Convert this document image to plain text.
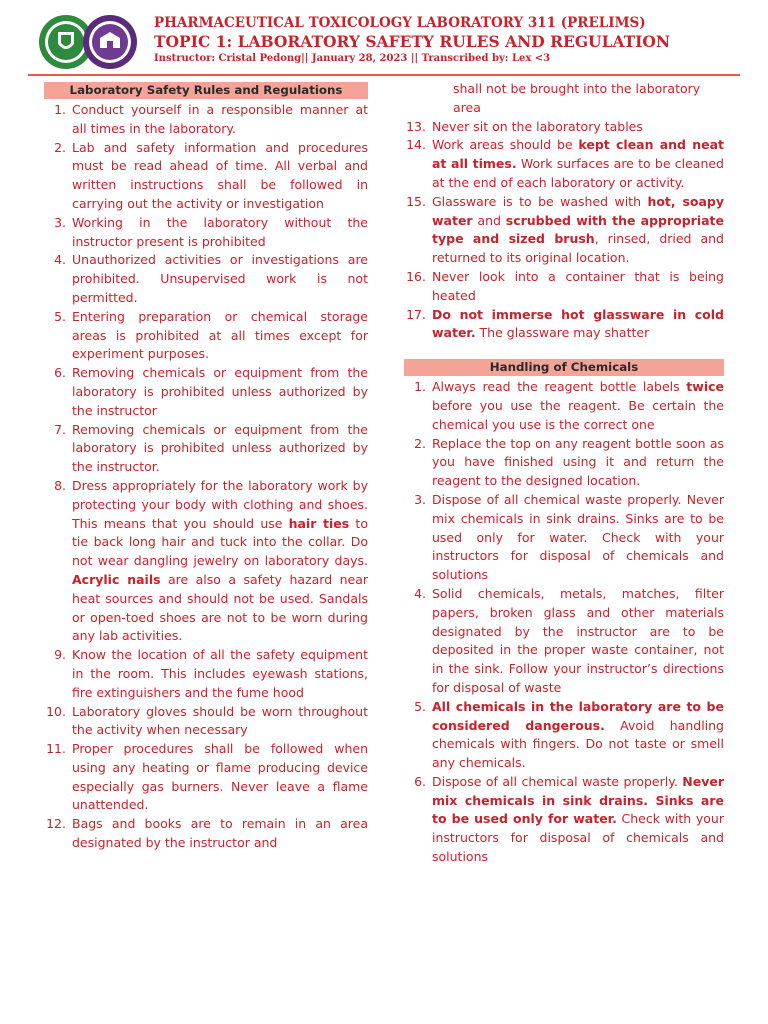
PHARMACEUTICAL TOXICOLOGY LABORATORY 311 (PRELIMS)
TOPIC 1: LABORATORY SAFETY RULES AND REGULATION
Instructor: Cristal Pedong|| January 28, 2023 || Transcribed by: Lex <3
Laboratory Safety Rules and Regulations
1. Conduct yourself in a responsible manner at all times in the laboratory.
2. Lab and safety information and procedures must be read ahead of time. All verbal and written instructions shall be followed in carrying out the activity or investigation
3. Working in the laboratory without the instructor present is prohibited
4. Unauthorized activities or investigations are prohibited. Unsupervised work is not permitted.
5. Entering preparation or chemical storage areas is prohibited at all times except for experiment purposes.
6. Removing chemicals or equipment from the laboratory is prohibited unless authorized by the instructor
7. Removing chemicals or equipment from the laboratory is prohibited unless authorized by the instructor.
8. Dress appropriately for the laboratory work by protecting your body with clothing and shoes. This means that you should use hair ties to tie back long hair and tuck into the collar. Do not wear dangling jewelry on laboratory days. Acrylic nails are also a safety hazard near heat sources and should not be used. Sandals or open-toed shoes are not to be worn during any lab activities.
9. Know the location of all the safety equipment in the room. This includes eyewash stations, fire extinguishers and the fume hood
10. Laboratory gloves should be worn throughout the activity when necessary
11. Proper procedures shall be followed when using any heating or flame producing device especially gas burners. Never leave a flame unattended.
12. Bags and books are to remain in an area designated by the instructor and
shall not be brought into the laboratory area
13. Never sit on the laboratory tables
14. Work areas should be kept clean and neat at all times. Work surfaces are to be cleaned at the end of each laboratory or activity.
15. Glassware is to be washed with hot, soapy water and scrubbed with the appropriate type and sized brush, rinsed, dried and returned to its original location.
16. Never look into a container that is being heated
17. Do not immerse hot glassware in cold water. The glassware may shatter
Handling of Chemicals
1. Always read the reagent bottle labels twice before you use the reagent. Be certain the chemical you use is the correct one
2. Replace the top on any reagent bottle soon as you have finished using it and return the reagent to the designed location.
3. Dispose of all chemical waste properly. Never mix chemicals in sink drains. Sinks are to be used only for water. Check with your instructors for disposal of chemicals and solutions
4. Solid chemicals, metals, matches, filter papers, broken glass and other materials designated by the instructor are to be deposited in the proper waste container, not in the sink. Follow your instructor’s directions for disposal of waste
5. All chemicals in the laboratory are to be considered dangerous. Avoid handling chemicals with fingers. Do not taste or smell any chemicals.
6. Dispose of all chemical waste properly. Never mix chemicals in sink drains. Sinks are to be used only for water. Check with your instructors for disposal of chemicals and solutions
